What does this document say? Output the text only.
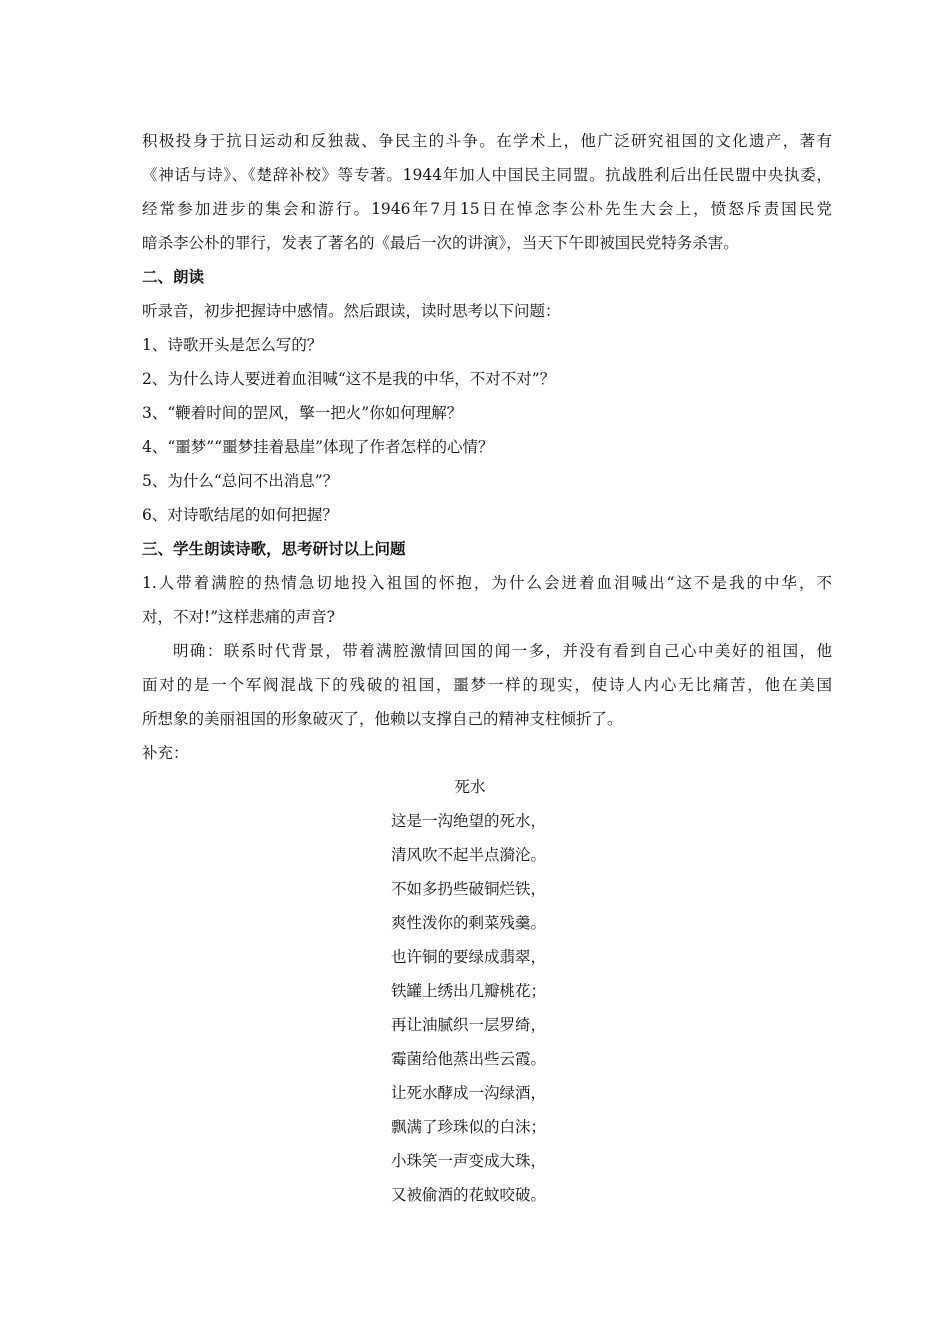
积极投身于抗日运动和反独裁、争民主的斗争。在学术上，他广泛研究祖国的文化遗产，著有
《神话与诗》、《楚辞补校》等专著。1944年加人中国民主同盟。抗战胜利后出任民盟中央执委，
经常参加进步的集会和游行。1946年7月15日在悼念李公朴先生大会上，愤怒斥责国民党
暗杀李公朴的罪行，发表了著名的《最后一次的讲演》，当天下午即被国民党特务杀害。
二、朗读
听录音，初步把握诗中感情。然后跟读，读时思考以下问题：
1、诗歌开头是怎么写的？
2、为什么诗人要迸着血泪喊“这不是我的中华，不对不对”？
3、“鞭着时间的罡风，擎一把火”你如何理解？
4、“噩梦”“噩梦挂着悬崖”体现了作者怎样的心情？
5、为什么“总问不出消息”？
6、对诗歌结尾的如何把握？
三、学生朗读诗歌，思考研讨以上问题
1.人带着满腔的热情急切地投入祖国的怀抱，为什么会迸着血泪喊出“这不是我的中华，不
对，不对!”这样悲痛的声音?
明确：联系时代背景，带着满腔激情回国的闻一多，并没有看到自己心中美好的祖国，他
面对的是一个军阀混战下的残破的祖国，噩梦一样的现实，使诗人内心无比痛苦，他在美国
所想象的美丽祖国的形象破灭了，他赖以支撑自己的精神支柱倾折了。
补充：
死水
这是一沟绝望的死水，
清风吹不起半点漪沦。
不如多扔些破铜烂铁，
爽性泼你的剩菜残羹。
也许铜的要绿成翡翠，
铁罐上绣出几瓣桃花；
再让油腻织一层罗绮，
霉菌给他蒸出些云霞。
让死水酵成一沟绿酒，
飘满了珍珠似的白沫；
小珠笑一声变成大珠，
又被偷酒的花蚊咬破。
